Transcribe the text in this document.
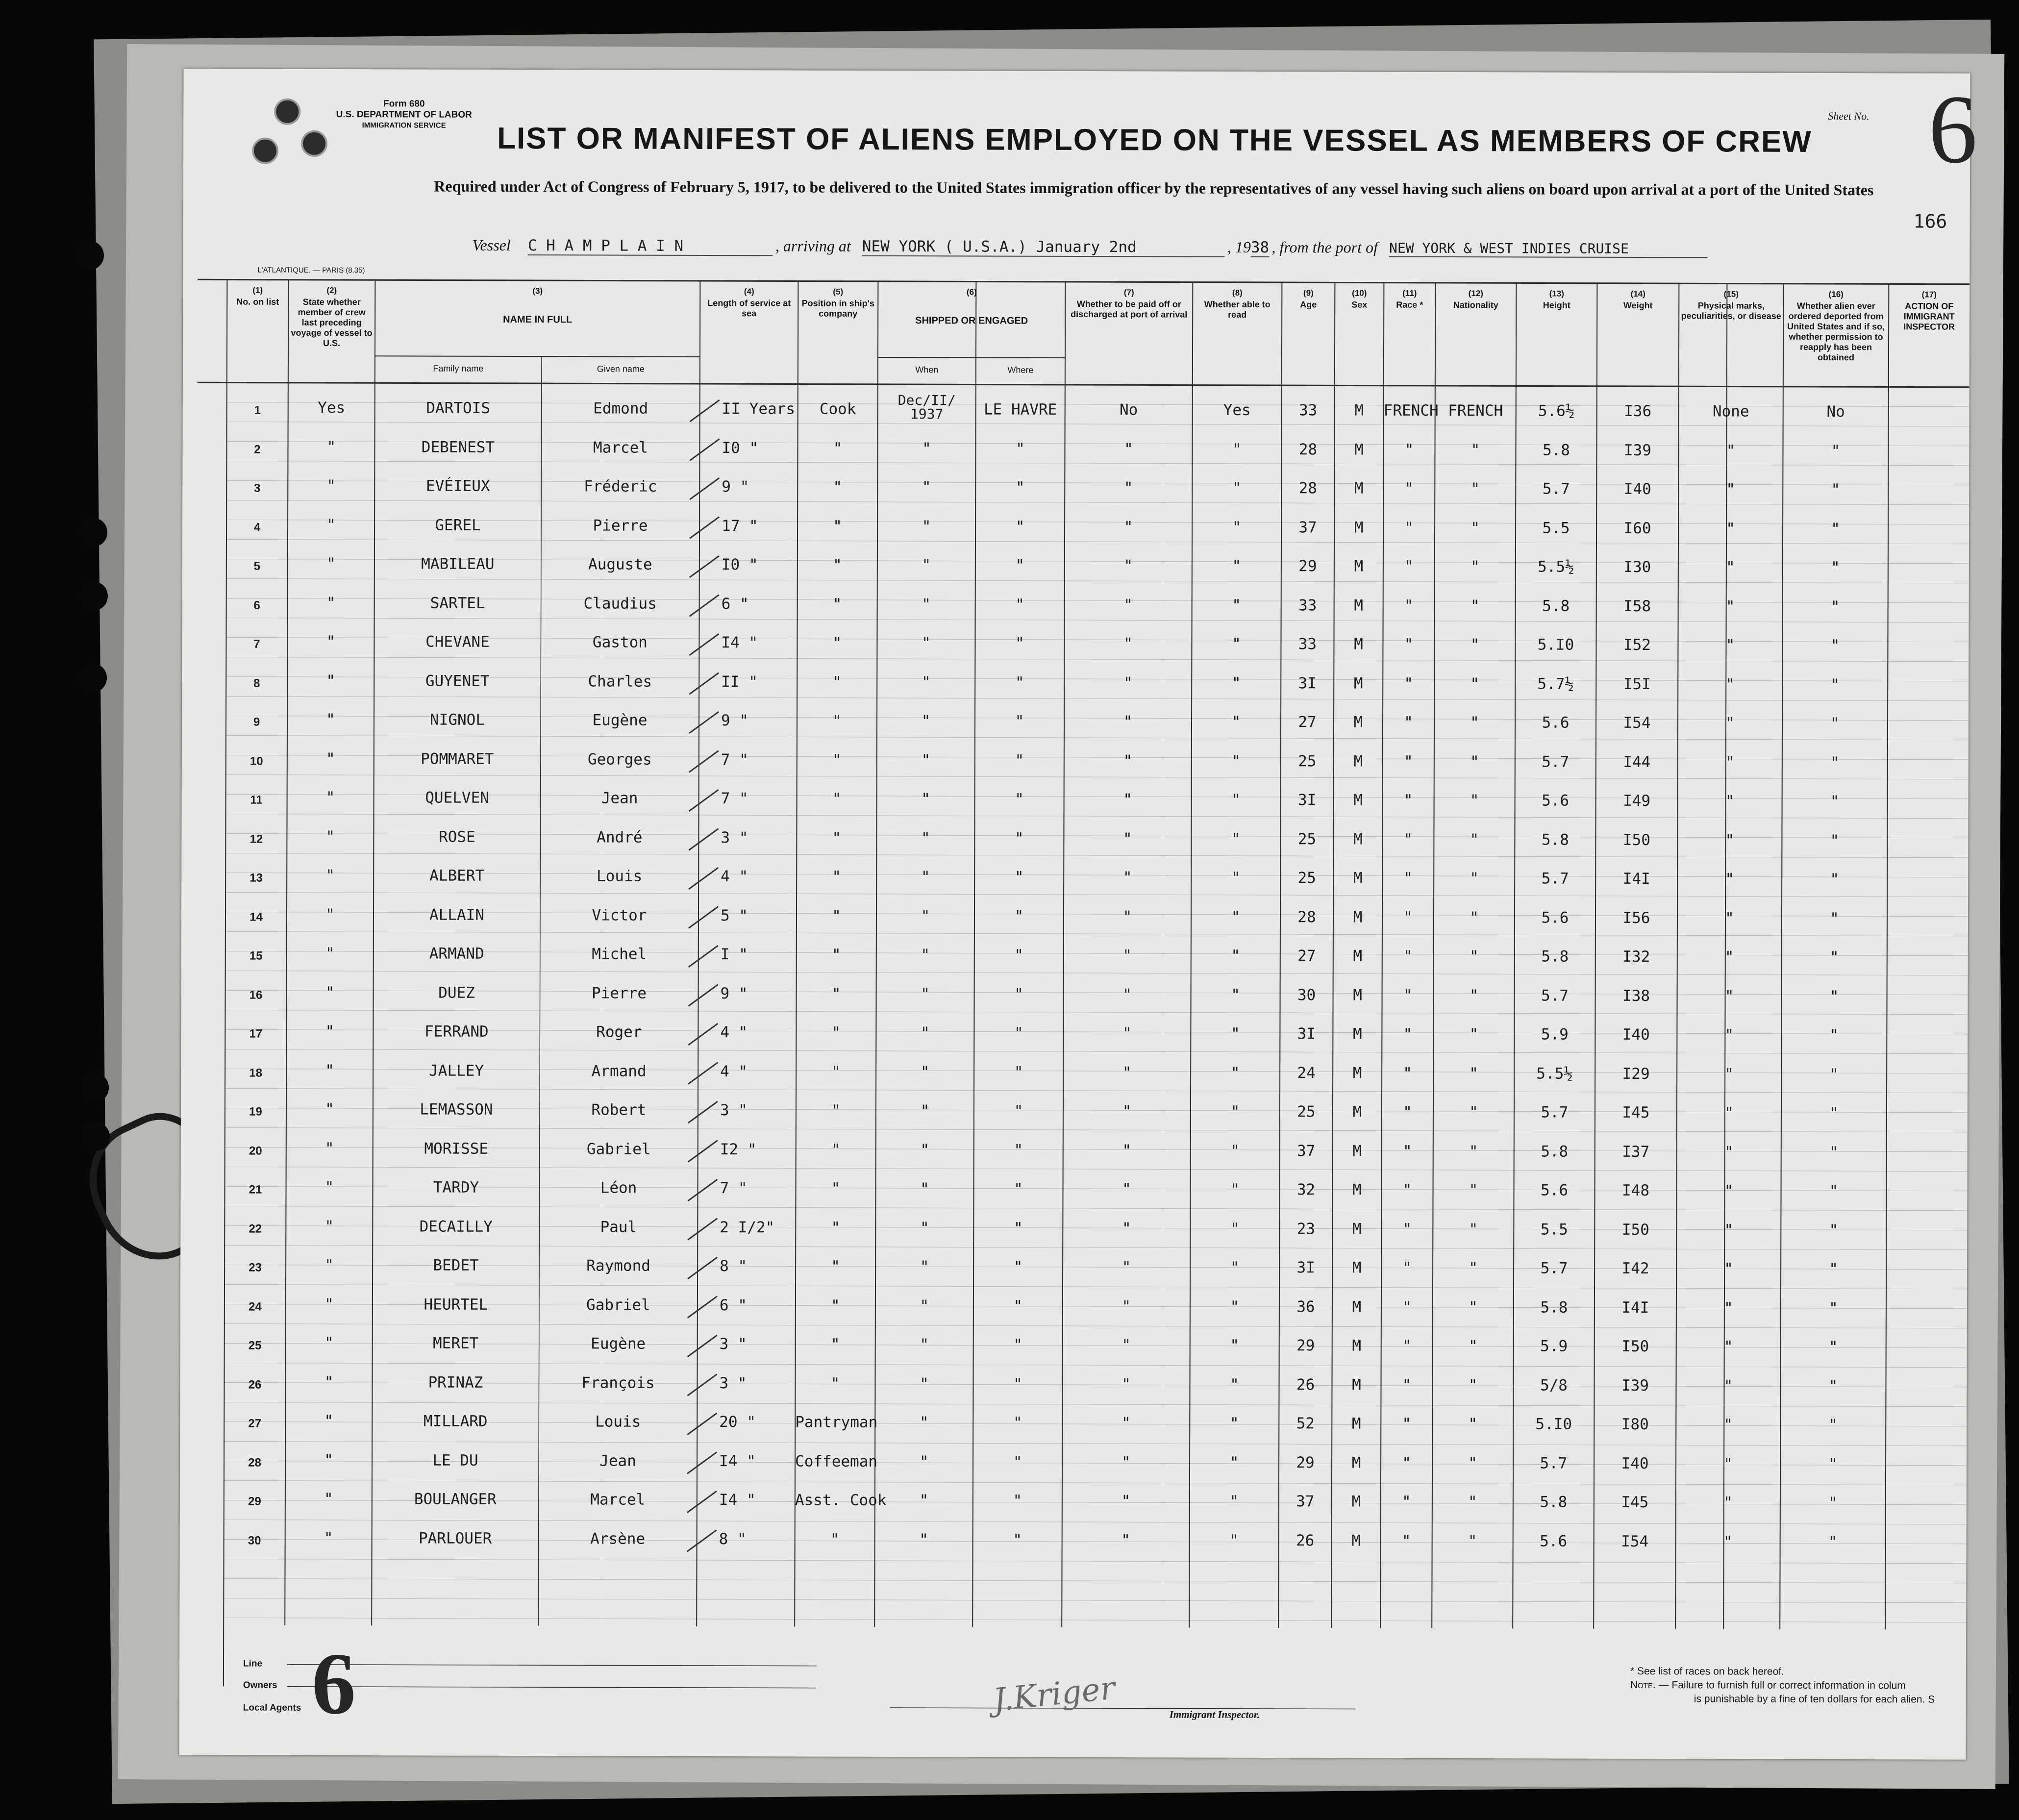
Form 680
U.S. DEPARTMENT OF LABOR
IMMIGRATION SERVICE
Sheet No. 6
LIST OR MANIFEST OF ALIENS EMPLOYED ON THE VESSEL AS MEMBERS OF CREW
Required under Act of Congress of February 5, 1917, to be delivered to the United States immigration officer by the representatives of any vessel having such aliens on board upon arrival at a port of the United States
166
Vessel C H A M P L A I N	, arriving at NEW YORK ( U.S.A.) January 2nd	, 1938 , from the port of NEW YORK & WEST INDIES CRUISE
L'ATLANTIQUE. — PARIS (8.35)
(1)
No. on list
(2)
State whether member of crew last preceding voyage of vessel to U.S.
(3)
NAME IN FULL
Family name	Given name
(4)
Length of service at sea
(5)
Position in ship's company
(6)
SHIPPED OR ENGAGED
When	Where
(7)
Whether to be paid off or discharged at port of arrival
(8)
Whether able to read
(9)
Age
(10)
Sex
(11)
Race *
(12)
Nationality
(13)
Height
(14)
Weight
(15)
Physical marks, peculiarities, or disease
(16)
Whether alien ever ordered deported from United States and if so, whether permission to reapply has been obtained
(17)
ACTION OF IMMIGRANT INSPECTOR
1	Yes	DARTOIS	Edmond	II Years	Cook	Dec/II/ 1937	LE HAVRE	No	Yes	33	M	FRENCH FRENCH	5.6½	I36	None	No
2	"	DEBENEST	Marcel	I0 "	"	"	"	"	"	28	M	"	"	5.8	I39	"	"
3	"	EVÉIEUX	Fréderic	9 "	"	"	"	"	"	28	M	"	"	5.7	I40	"	"
4	"	GEREL	Pierre	17 "	"	"	"	"	"	37	M	"	"	5.5	I60	"	"
5	"	MABILEAU	Auguste	I0 "	"	"	"	"	"	29	M	"	"	5.5½	I30	"	"
6	"	SARTEL	Claudius	6 "	"	"	"	"	"	33	M	"	"	5.8	I58	"	"
7	"	CHEVANE	Gaston	I4 "	"	"	"	"	"	33	M	"	"	5.I0	I52	"	"
8	"	GUYENET	Charles	II "	"	"	"	"	"	3I	M	"	"	5.7½	I5I	"	"
9	"	NIGNOL	Eugène	9 "	"	"	"	"	"	27	M	"	"	5.6	I54	"	"
10	"	POMMARET	Georges	7 "	"	"	"	"	"	25	M	"	"	5.7	I44	"	"
11	"	QUELVEN	Jean	7 "	"	"	"	"	"	3I	M	"	"	5.6	I49	"	"
12	"	ROSE	André	3 "	"	"	"	"	"	25	M	"	"	5.8	I50	"	"
13	"	ALBERT	Louis	4 "	"	"	"	"	"	25	M	"	"	5.7	I4I	"	"
14	"	ALLAIN	Victor	5 "	"	"	"	"	"	28	M	"	"	5.6	I56	"	"
15	"	ARMAND	Michel	I "	"	"	"	"	"	27	M	"	"	5.8	I32	"	"
16	"	DUEZ	Pierre	9 "	"	"	"	"	"	30	M	"	"	5.7	I38	"	"
17	"	FERRAND	Roger	4 "	"	"	"	"	"	3I	M	"	"	5.9	I40	"	"
18	"	JALLEY	Armand	4 "	"	"	"	"	"	24	M	"	"	5.5½	I29	"	"
19	"	LEMASSON	Robert	3 "	"	"	"	"	"	25	M	"	"	5.7	I45	"	"
20	"	MORISSE	Gabriel	I2 "	"	"	"	"	"	37	M	"	"	5.8	I37	"	"
21	"	TARDY	Léon	7 "	"	"	"	"	"	32	M	"	"	5.6	I48	"	"
22	"	DECAILLY	Paul	2 I/2"	"	"	"	"	"	23	M	"	"	5.5	I50	"	"
23	"	BEDET	Raymond	8 "	"	"	"	"	"	3I	M	"	"	5.7	I42	"	"
24	"	HEURTEL	Gabriel	6 "	"	"	"	"	"	36	M	"	"	5.8	I4I	"	"
25	"	MERET	Eugène	3 "	"	"	"	"	"	29	M	"	"	5.9	I50	"	"
26	"	PRINAZ	François	3 "	"	"	"	"	"	26	M	"	"	5/8	I39	"	"
27	"	MILLARD	Louis	20 "	Pantryman	"	"	"	"	52	M	"	"	5.I0	I80	"	"
28	"	LE DU	Jean	I4 "	Coffeeman	"	"	"	"	29	M	"	"	5.7	I40	"	"
29	"	BOULANGER	Marcel	I4 "	Asst. Cook	"	"	"	"	37	M	"	"	5.8	I45	"	"
30	"	PARLOUER	Arsène	8 "	"	"	"	"	"	26	M	"	"	5.6	I54	"	"
Line
Owners
Local Agents 6	J.Kriger	Immigrant Inspector.
* See list of races on back hereof.
Note. — Failure to furnish full or correct information in colum
is punishable by a fine of ten dollars for each alien. S
